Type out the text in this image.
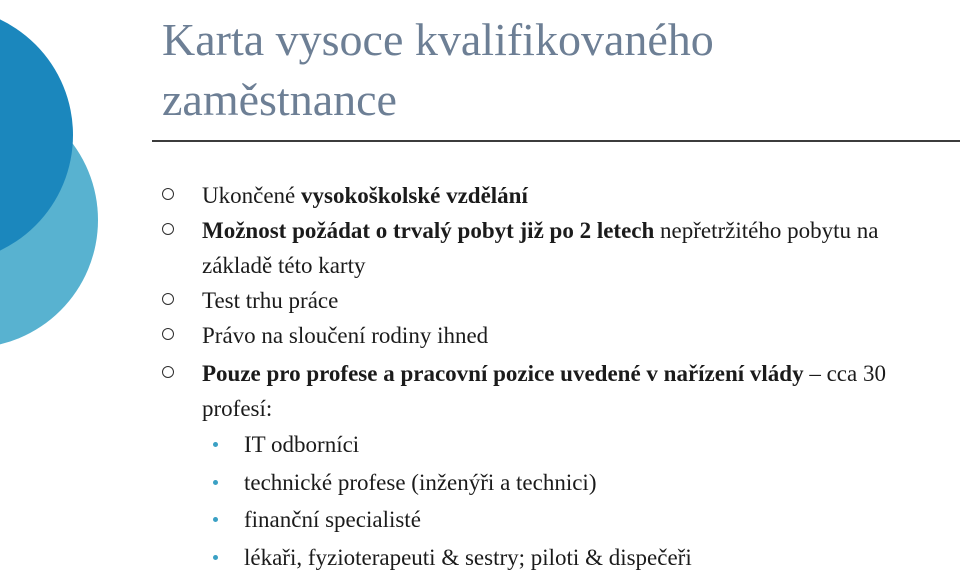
Karta vysoce kvalifikovaného
zaměstnance
Ukončené vysokoškolské vzdělání
Možnost požádat o trvalý pobyt již po 2 letech nepřetržitého pobytu na základě této karty
Test trhu práce
Právo na sloučení rodiny ihned
Pouze pro profese a pracovní pozice uvedené v nařízení vlády – cca 30 profesí:
IT odborníci
technické profese (inženýři a technici)
finanční specialisté
lékaři, fyzioterapeuti & sestry; piloti & dispečeři
